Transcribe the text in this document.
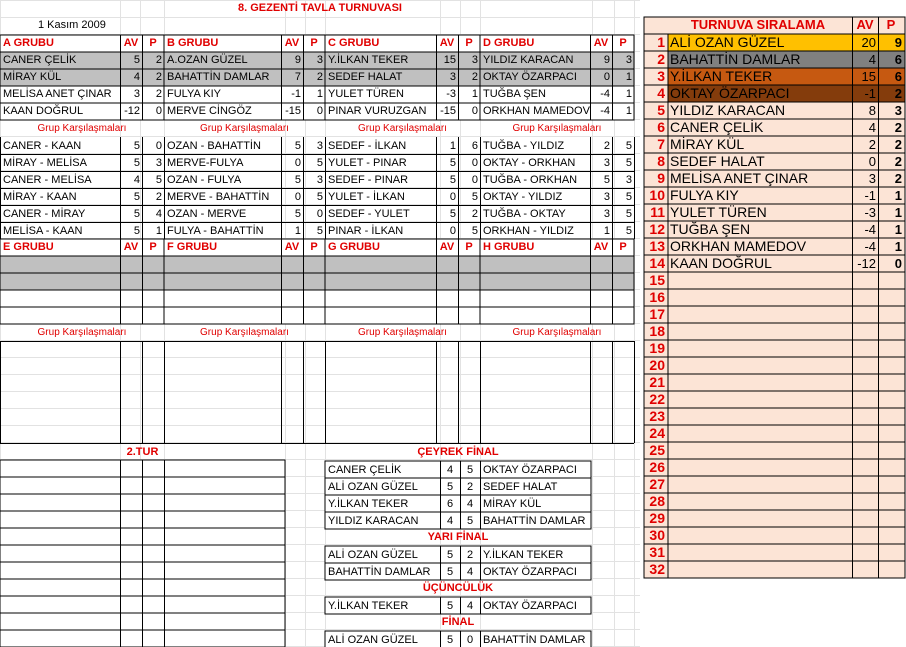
8. GEZENTİ TAVLA TURNUVASI
1 Kasım 2009
A GRUBU	AV	P
CANER ÇELİK	5	2
MİRAY KÜL	4	2
MELİSA ANET ÇINAR	3	2
KAAN DOĞRUL	-12	0
Grup Karşılaşmaları
CANER - KAAN	5	0
MİRAY - MELİSA	5	3
CANER - MELİSA	4	5
MİRAY - KAAN	5	2
CANER - MİRAY	5	4
MELİSA - KAAN	5	1
E GRUBU	AV	P
Grup Karşılaşmaları
B GRUBU	AV	P
A.OZAN GÜZEL	9	3
BAHATTİN DAMLAR	7	2
FULYA KIY	-1	1
MERVE CİNGÖZ	-15	0
Grup Karşılaşmaları
OZAN - BAHATTİN	5	3
MERVE-FULYA	0	5
OZAN - FULYA	5	3
MERVE - BAHATTİN	0	5
OZAN - MERVE	5	0
FULYA - BAHATTİN	1	5
F GRUBU	AV	P
Grup Karşılaşmaları
C GRUBU	AV	P
Y.İLKAN TEKER	15	3
SEDEF HALAT	3	2
YULET TÜREN	-3	1
PINAR VURUZGAN	-15	0
Grup Karşılaşmaları
SEDEF - İLKAN	1	6
YULET - PINAR	5	0
SEDEF - PINAR	5	0
YULET - İLKAN	0	5
SEDEF - YULET	5	2
PINAR - İLKAN	0	5
G GRUBU	AV	P
Grup Karşılaşmaları
D GRUBU	AV	P
YILDIZ KARACAN	9	3
OKTAY ÖZARPACI	0	1
TUĞBA ŞEN	-4	1
ORKHAN MAMEDOV -4	1
Grup Karşılaşmaları
TUĞBA - YILDIZ	2	5
OKTAY - ORKHAN	3	5
TUĞBA - ORKHAN	5	3
OKTAY - YILDIZ	3	5
TUĞBA - OKTAY	3	5
ORKHAN - YILDIZ	1	5
H GRUBU	AV	P
Grup Karşılaşmaları
2.TUR	ÇEYREK FİNAL
CANER ÇELİK	4	5 OKTAY ÖZARPACI
ALİ OZAN GÜZEL	5	2 SEDEF HALAT
Y.İLKAN TEKER	6	4 MİRAY KÜL
YILDIZ KARACAN	4	5 BAHATTİN DAMLAR
YARI FİNAL
ALİ OZAN GÜZEL	5	2 Y.İLKAN TEKER
BAHATTİN DAMLAR	5	4 OKTAY ÖZARPACI
ÜÇÜNCÜLÜK
Y.İLKAN TEKER	5	4 OKTAY ÖZARPACI
FİNAL
ALİ OZAN GÜZEL	5	0 BAHATTİN DAMLAR
TURNUVA SIRALAMA	AV	P
1 ALİ OZAN GÜZEL	20	9
2 BAHATTİN DAMLAR	4	6
3 Y.İLKAN TEKER	15	6
4 OKTAY ÖZARPACI	-1	2
5 YILDIZ KARACAN	8	3
6 CANER ÇELİK	4	2
7 MİRAY KÜL	2	2
8 SEDEF HALAT	0	2
9 MELİSA ANET ÇINAR	3	2
10 FULYA KIY	-1	1
11 YULET TÜREN	-3	1
12 TUĞBA ŞEN	-4	1
13 ORKHAN MAMEDOV	-4	1
14 KAAN DOĞRUL	-12	0
15
16
17
18
19
20
21
22
23
24
25
26
27
28
29
30
31
32
